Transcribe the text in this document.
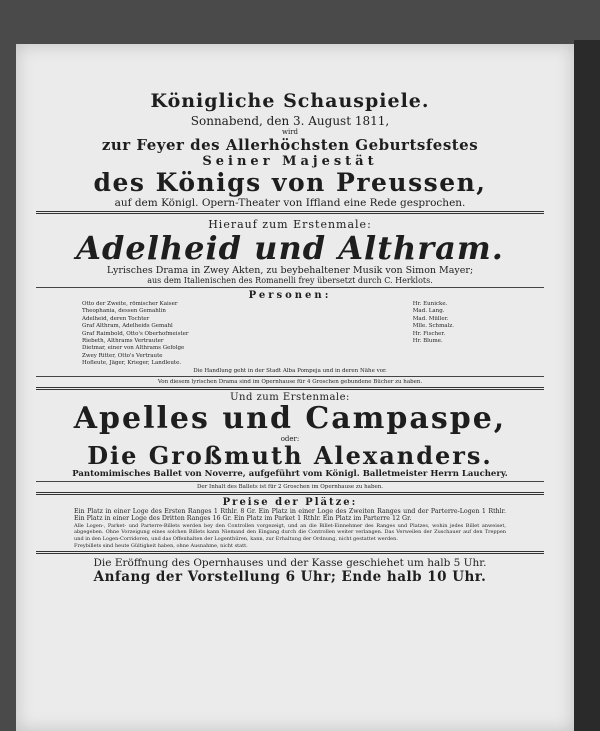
Königliche Schauspiele.
Sonnabend, den 3. August 1811,
wird
zur Feyer des Allerhöchsten Geburtsfestes
Seiner Majestät
des Königs von Preussen,
auf dem Königl. Opern-Theater von Iffland eine Rede gesprochen.
Hierauf zum Erstenmale:
Adelheid und Althram.
Lyrisches Drama in Zwey Akten, zu beybehaltener Musik von Simon Mayer;
aus dem Italienischen des Romanelli frey übersetzt durch C. Herklots.
Personen:
Otto der Zweite, römischer Kaiser
Theophania, dessen Gemahlin
Adelheid, deren Tochter
Graf Althram, Adelheids Gemahl
Graf Raimbold, Otto's Oberhofmeister
Riebeth, Althrams Vertrauter
Dietmar, einer von Althrams Gefolge
Zwey Ritter, Otto's Vertraute
Hofleute, Jäger, Krieger, Landleute.
Hr. Eunicke.
Mad. Lang.
Mad. Müller.
Mlle. Schmalz.
Hr. Fischer.
Hr. Blume.
Die Handlung geht in der Stadt Alba Pompeja und in deren Nähe vor.
Von diesem lyrischen Drama sind im Opernhause für 4 Groschen gebundene Bücher zu haben.
Und zum Erstenmale:
Apelles und Campaspe,
oder:
Die Großmuth Alexanders.
Pantomimisches Ballet von Noverre, aufgeführt vom Königl. Balletmeister Herrn Lauchery.
Der Inhalt des Ballets ist für 2 Groschen im Opernhause zu haben.
Preise der Plätze:
Ein Platz in einer Loge des Ersten Ranges 1 Rthlr. 8 Gr. Ein Platz in einer Loge des Zweiten Ranges und der Parterre-Logen 1 Rthlr. Ein Platz in einer Loge des Dritten Ranges 16 Gr. Ein Platz im Parket 1 Rthlr. Ein Platz im Parterre 12 Gr.
Alle Logen-, Parket- und Parterre-Billets werden bey den Controllen vorgezeigt, und an die Billet-Einnehmer des Ranges und Platzes, wohin jedes Billet anweiset, abgegeben. Ohne Vorzeigung eines solchen Billets kann Niemand den Eingang durch die Controllen weiter verlangen. Das Verweilen der Zuschauer auf den Treppen und in den Logen-Corridoren, und das Offenhalten der Logenthüren, kann, zur Erhaltung der Ordnung, nicht gestattet werden.
Freybillets sind heute Gültigkeit haben, ohne Ausnahme, nicht statt.
Die Eröffnung des Opernhauses und der Kasse geschiehet um halb 5 Uhr.
Anfang der Vorstellung 6 Uhr; Ende halb 10 Uhr.
